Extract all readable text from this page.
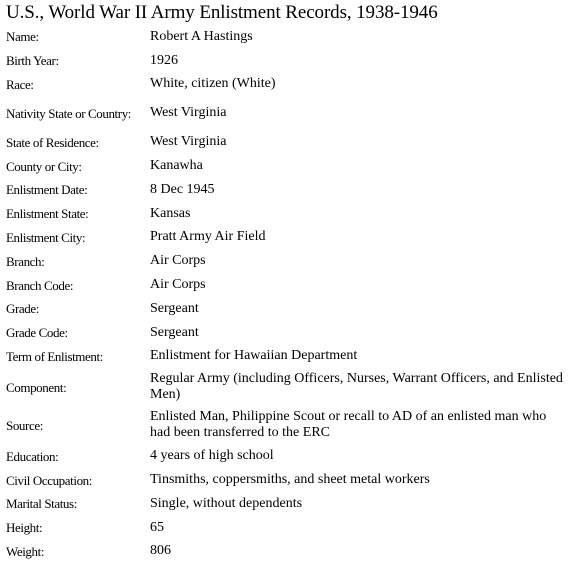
U.S., World War II Army Enlistment Records, 1938-1946
Name:	Robert A Hastings
Birth Year:	1926
Race:	White, citizen (White)
Nativity State or Country:	West Virginia
State of Residence:	West Virginia
County or City:	Kanawha
Enlistment Date:	8 Dec 1945
Enlistment State:	Kansas
Enlistment City:	Pratt Army Air Field
Branch:	Air Corps
Branch Code:	Air Corps
Grade:	Sergeant
Grade Code:	Sergeant
Term of Enlistment:	Enlistment for Hawaiian Department
Component:	Regular Army (including Officers, Nurses, Warrant Officers, and Enlisted Men)
Source:	Enlisted Man, Philippine Scout or recall to AD of an enlisted man who had been transferred to the ERC
Education:	4 years of high school
Civil Occupation:	Tinsmiths, coppersmiths, and sheet metal workers
Marital Status:	Single, without dependents
Height:	65
Weight:	806
